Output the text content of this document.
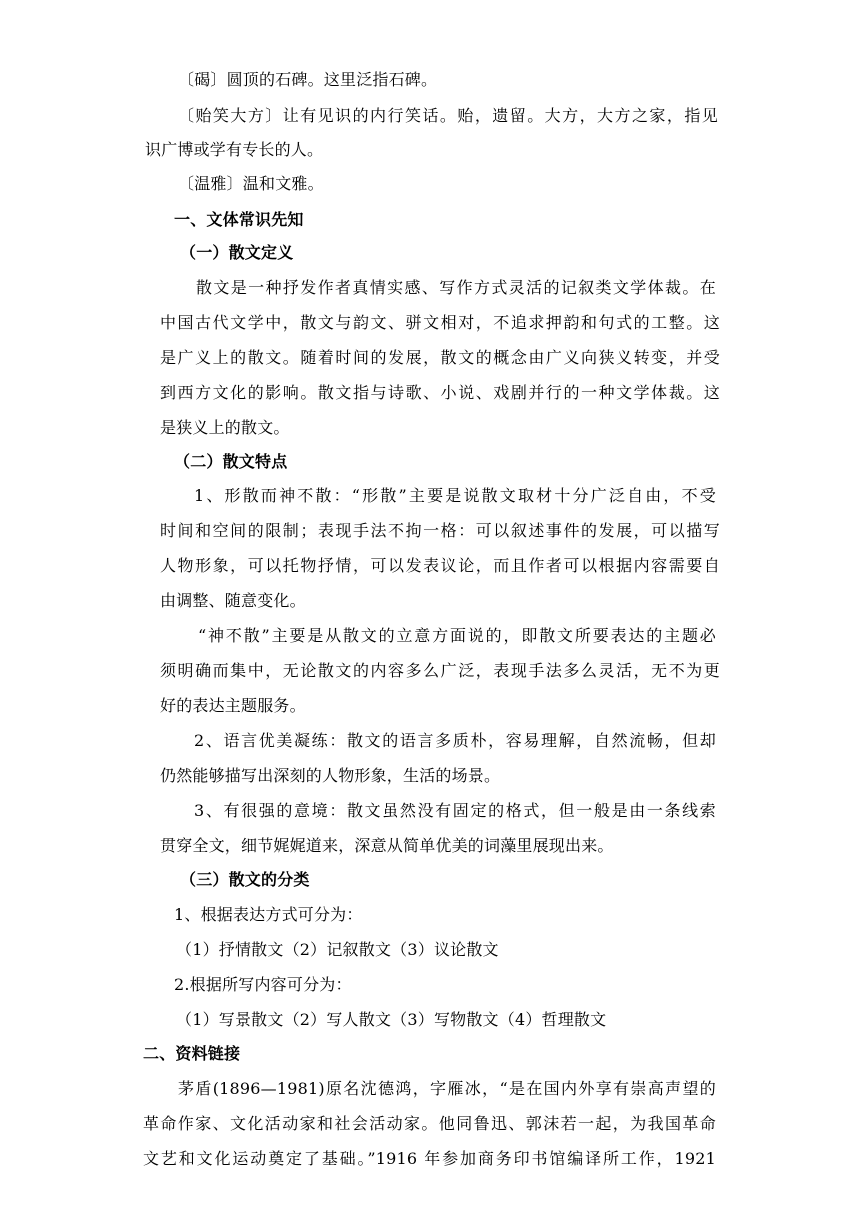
〔碣〕圆顶的石碑。这里泛指石碑。
〔贻笑大方〕让有见识的内行笑话。贻，遗留。大方，大方之家，指见
识广博或学有专长的人。
〔温雅〕温和文雅。
一、文体常识先知
（一）散文定义
散文是一种抒发作者真情实感、写作方式灵活的记叙类文学体裁。在
中国古代文学中，散文与韵文、骈文相对，不追求押韵和句式的工整。这
是广义上的散文。随着时间的发展，散文的概念由广义向狭义转变，并受
到西方文化的影响。散文指与诗歌、小说、戏剧并行的一种文学体裁。这
是狭义上的散文。
（二）散文特点
1、形散而神不散：“形散”主要是说散文取材十分广泛自由，不受
时间和空间的限制；表现手法不拘一格：可以叙述事件的发展，可以描写
人物形象，可以托物抒情，可以发表议论，而且作者可以根据内容需要自
由调整、随意变化。
“神不散”主要是从散文的立意方面说的，即散文所要表达的主题必
须明确而集中，无论散文的内容多么广泛，表现手法多么灵活，无不为更
好的表达主题服务。
2、语言优美凝练：散文的语言多质朴，容易理解，自然流畅，但却
仍然能够描写出深刻的人物形象，生活的场景。
3、有很强的意境：散文虽然没有固定的格式，但一般是由一条线索
贯穿全文，细节娓娓道来，深意从简单优美的词藻里展现出来。
（三）散文的分类
1、根据表达方式可分为：
（1）抒情散文（2）记叙散文（3）议论散文
2.根据所写内容可分为：
（1）写景散文（2）写人散文（3）写物散文（4）哲理散文
二、资料链接
茅盾(1896—1981)原名沈德鸿，字雁冰，“是在国内外享有崇高声望的
革命作家、文化活动家和社会活动家。他同鲁迅、郭沫若一起，为我国革命
文艺和文化运动奠定了基础。”1916 年参加商务印书馆编译所工作，1921
